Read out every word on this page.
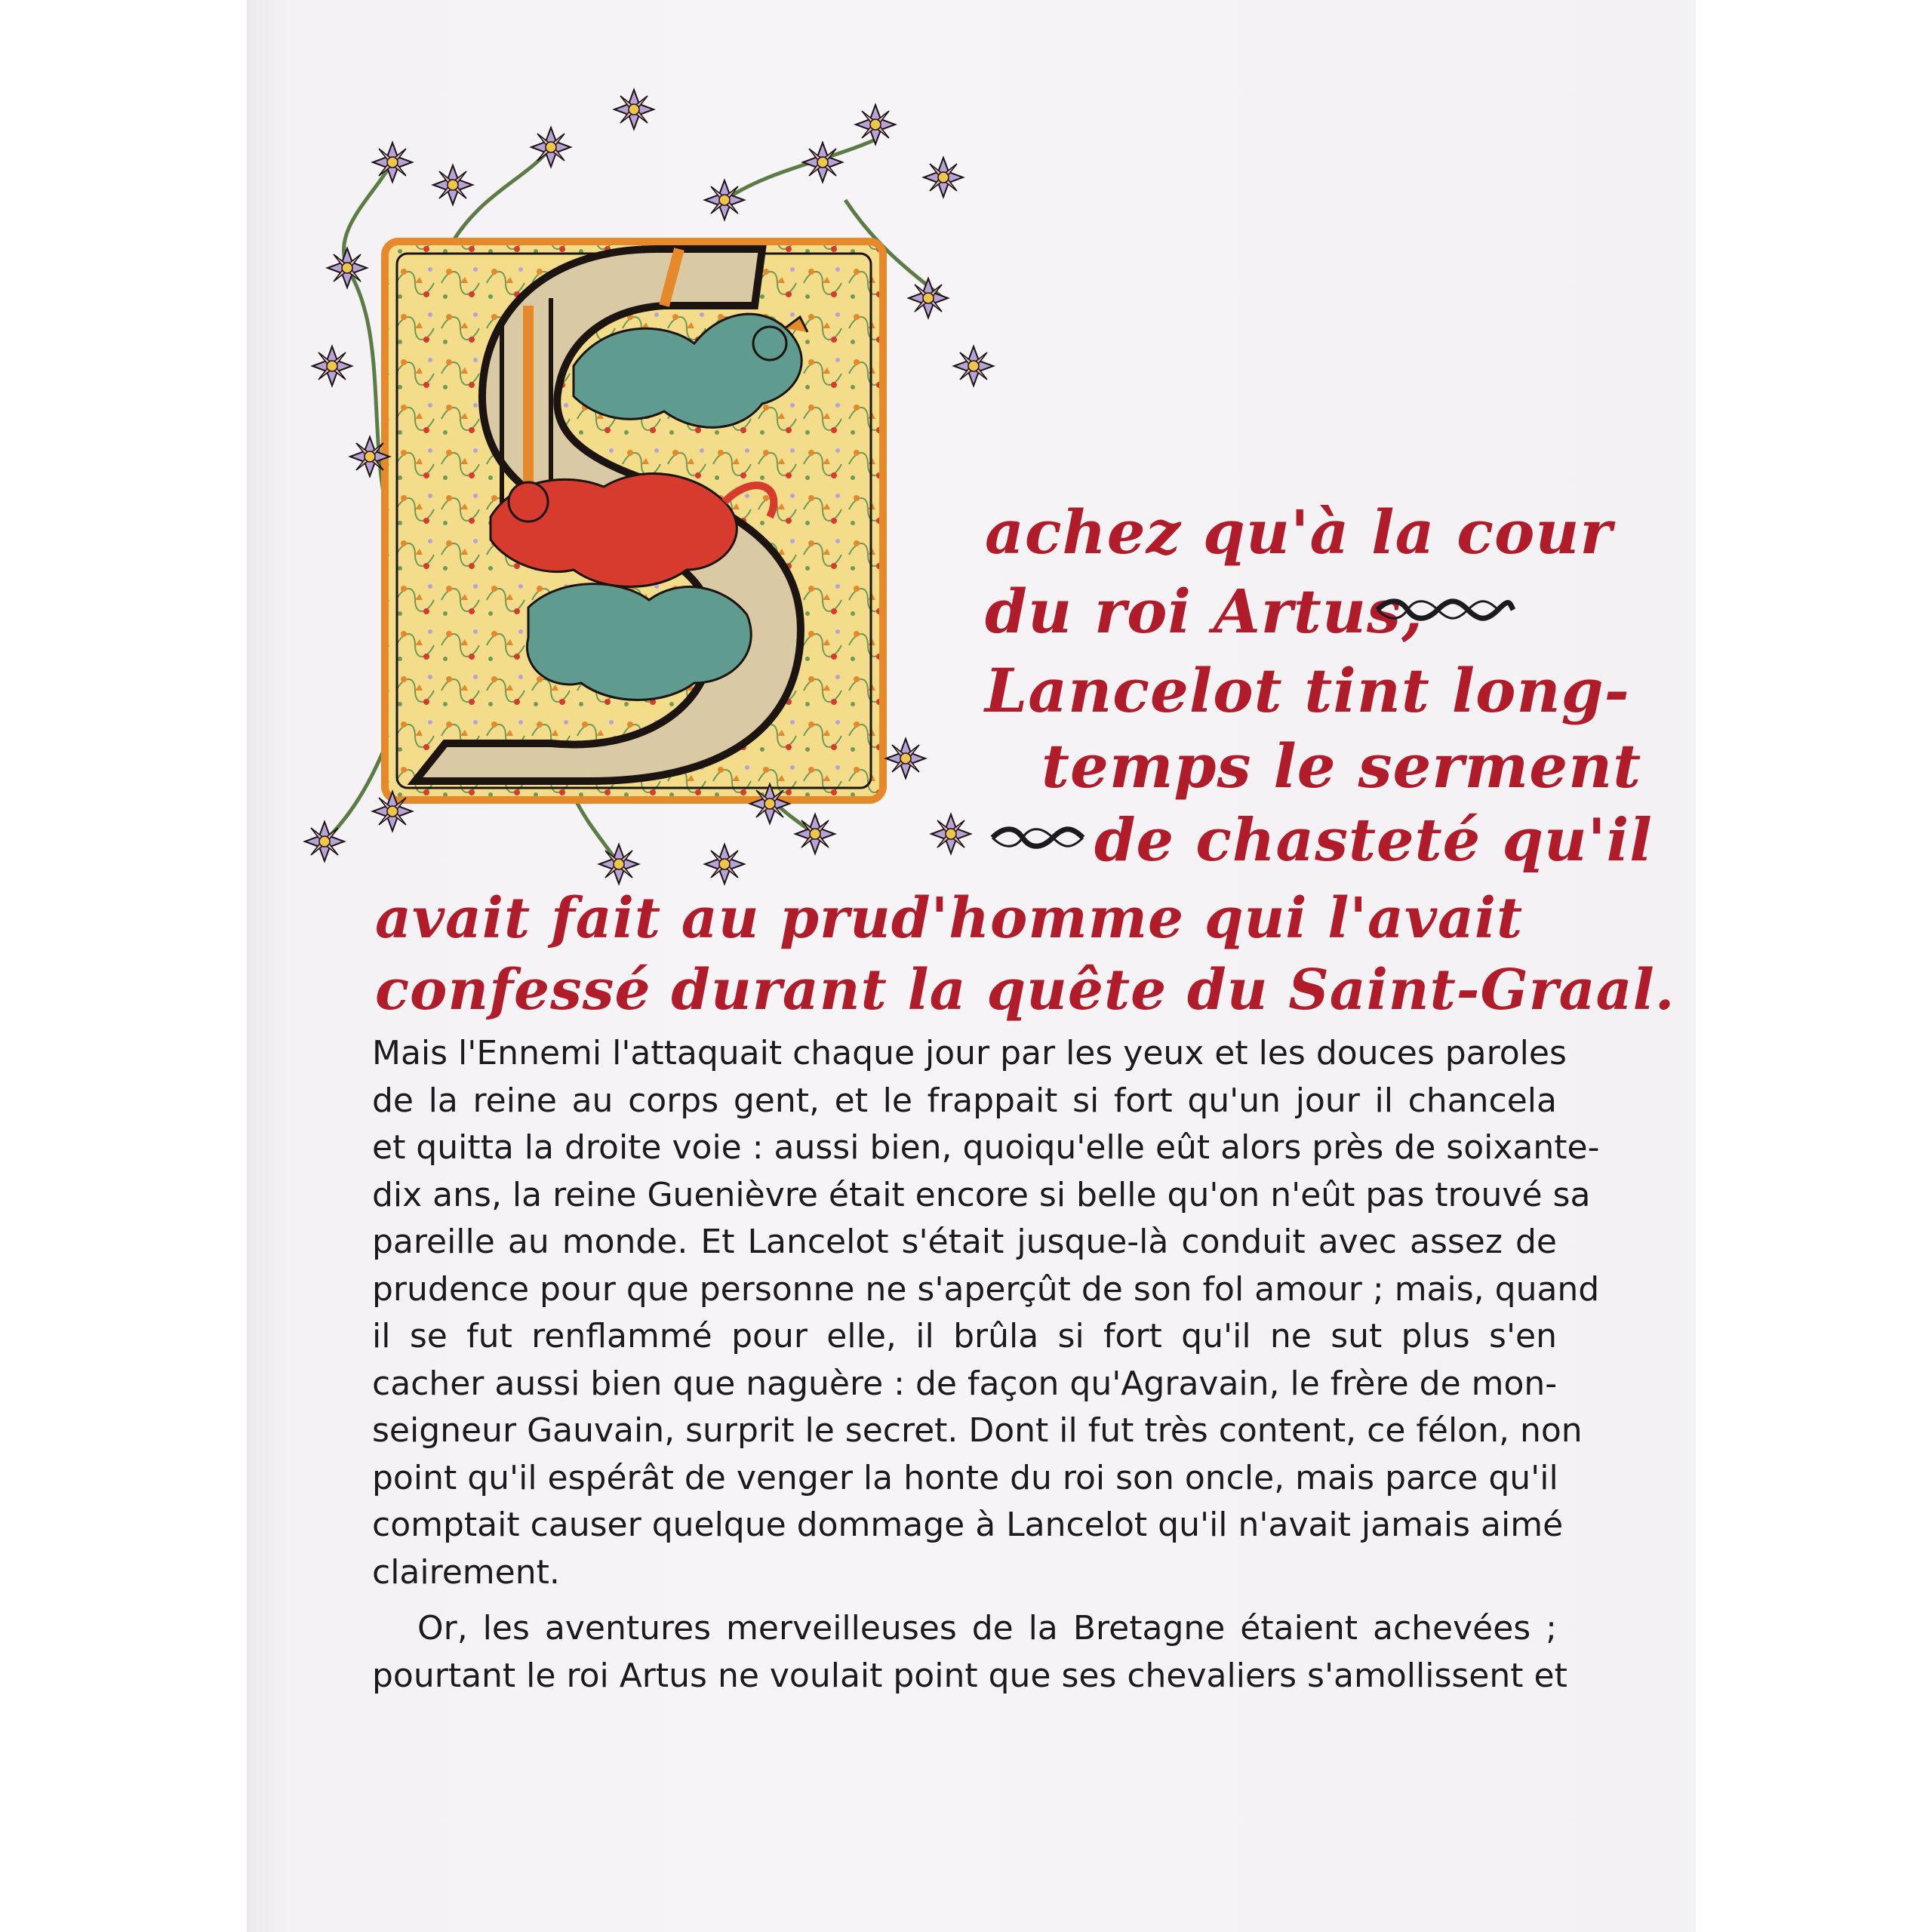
achez qu'à la cour
du roi Artus,
Lancelot tint long-
temps le serment
de chasteté qu'il
avait fait au prud'homme qui l'avait
confessé durant la quête du Saint-Graal.
Mais l'Ennemi l'attaquait chaque jour par les yeux et les douces paroles
de la reine au corps gent, et le frappait si fort qu'un jour il chancela
et quitta la droite voie : aussi bien, quoiqu'elle eût alors près de soixante-
dix ans, la reine Guenièvre était encore si belle qu'on n'eût pas trouvé sa
pareille au monde. Et Lancelot s'était jusque-là conduit avec assez de
prudence pour que personne ne s'aperçût de son fol amour ; mais, quand
il se fut renflammé pour elle, il brûla si fort qu'il ne sut plus s'en
cacher aussi bien que naguère : de façon qu'Agravain, le frère de mon-
seigneur Gauvain, surprit le secret. Dont il fut très content, ce félon, non
point qu'il espérât de venger la honte du roi son oncle, mais parce qu'il
comptait causer quelque dommage à Lancelot qu'il n'avait jamais aimé
clairement.
Or, les aventures merveilleuses de la Bretagne étaient achevées ;
pourtant le roi Artus ne voulait point que ses chevaliers s'amollissent et
